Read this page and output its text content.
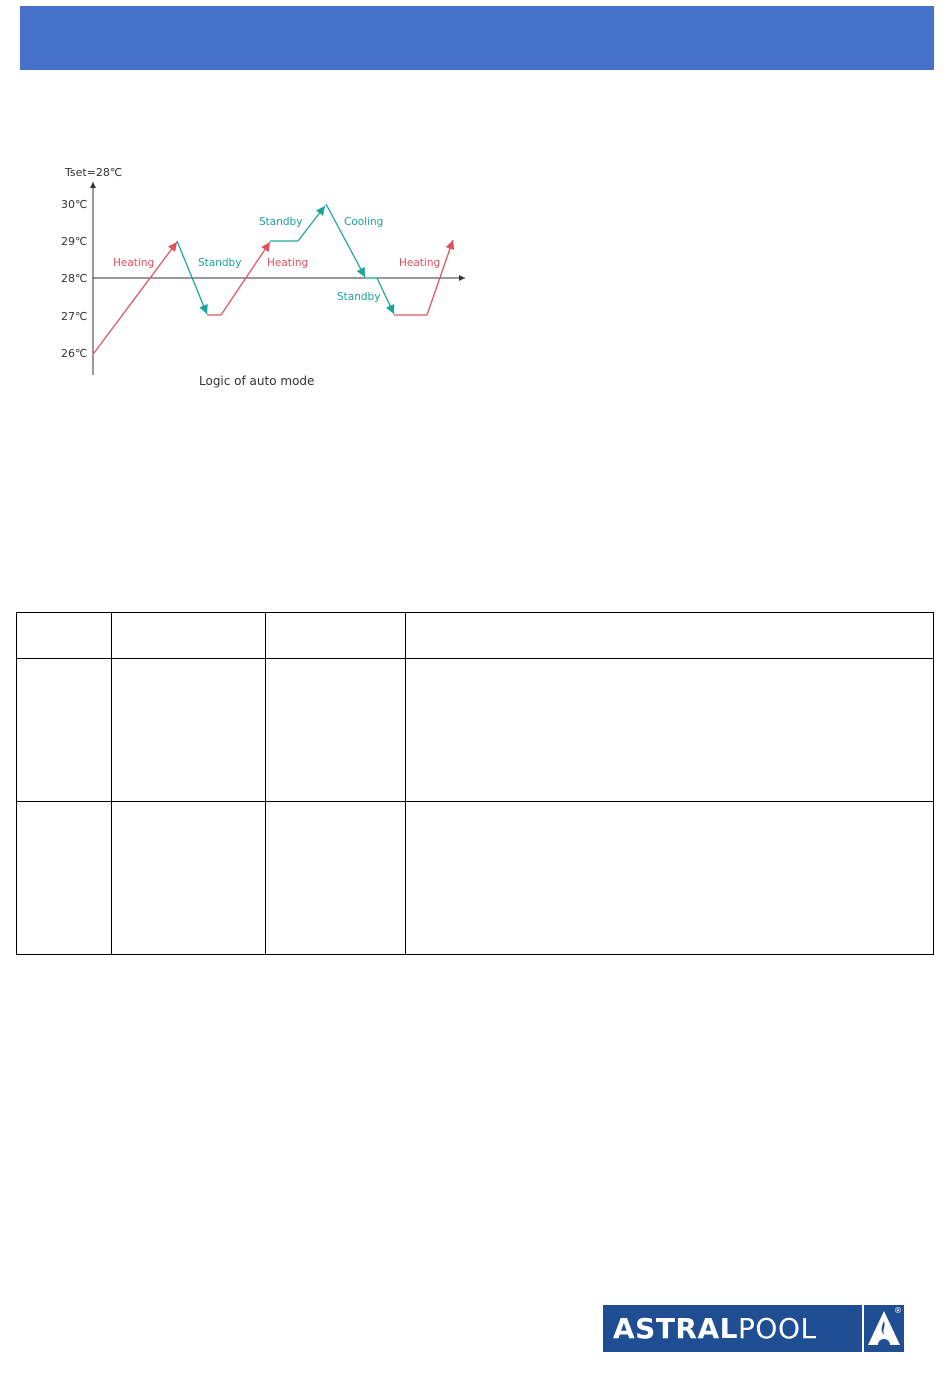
Tset=28℃
30℃
29℃
28℃
27℃
26℃
Heating	Standby Heating
Standby	Cooling
Standby
Heating
Logic of auto mode

ASTRALPOOL
®
